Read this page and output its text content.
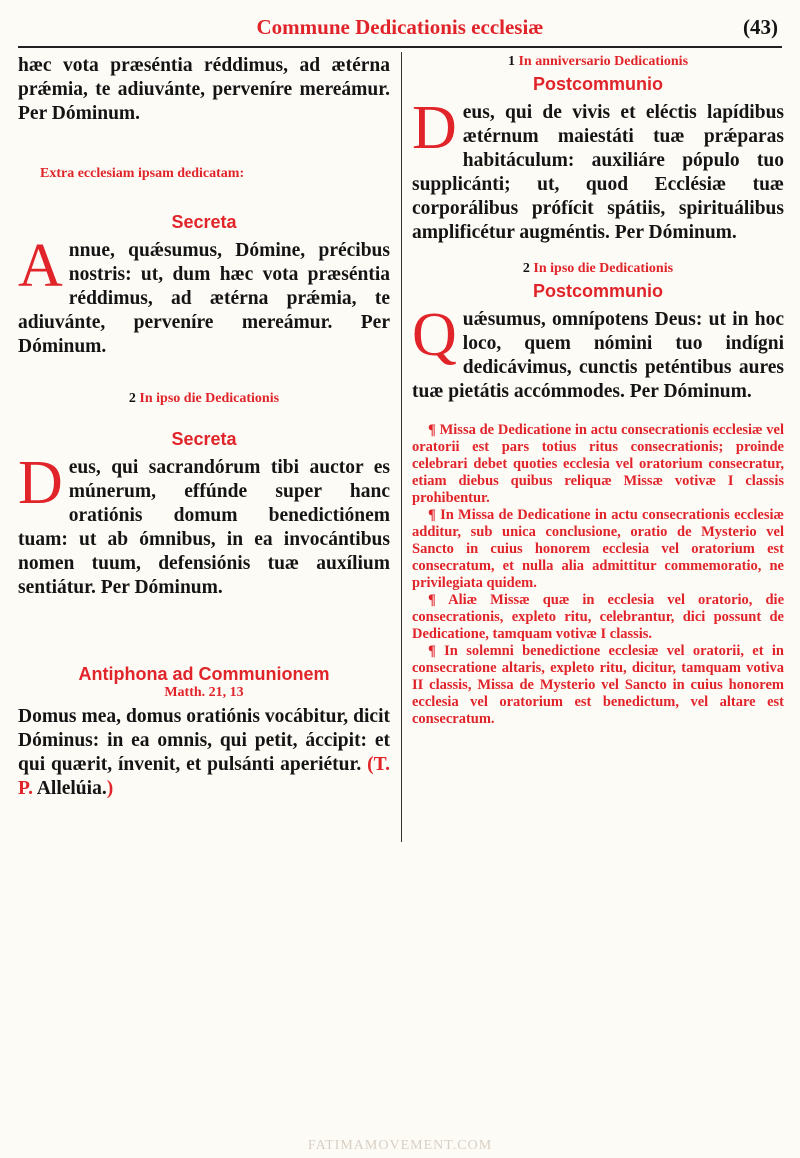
Commune Dedicationis ecclesiæ	(43)

hæc vota præséntia réddimus, ad ætérna prǽmia, te adiuvánte, perveníre mereámur. Per Dóminum.

Extra ecclesiam ipsam dedicatam:

Secreta

A nnue, quǽsumus, Dómine, précibus nostris: ut, dum hæc vota præséntia réddimus, ad ætérna prǽmia, te adiuvánte, perveníre mereámur. Per Dóminum.

2 In ipso die Dedicationis

Secreta

D eus, qui sacrandórum tibi auctor es múnerum, effúnde super hanc oratiónis domum benedictiónem tuam: ut ab ómnibus, in ea invocántibus nomen tuum, defensiónis tuæ auxílium sentiátur. Per Dóminum.

Antiphona ad Communionem

Matth. 21, 13

Domus mea, domus oratiónis vocábitur, dicit Dóminus: in ea omnis, qui petit, áccipit: et qui quærit, ínvenit, et pulsánti aperiétur. (T. P. Allelúia.)

1 In anniversario Dedicationis

Postcommunio

D eus, qui de vivis et eléctis lapídibus ætérnum maiestáti tuæ prǽparas habitáculum: auxiliáre pópulo tuo supplicánti; ut, quod Ecclésiæ tuæ corporálibus prófícit spátiis, spirituálibus amplificétur augméntis. Per Dóminum.

2 In ipso die Dedicationis

Postcommunio

Q uǽsumus, omnípotens Deus: ut in hoc loco, quem nómini tuo indígni dedicávimus, cunctis peténtibus aures tuæ pietátis accómmodes. Per Dóminum.

¶ Missa de Dedicatione in actu consecrationis ecclesiæ vel oratorii est pars totius ritus consecrationis; proinde celebrari debet quoties ecclesia vel oratorium consecratur, etiam diebus quibus reliquæ Missæ votivæ I classis prohibentur.

¶ In Missa de Dedicatione in actu consecrationis ecclesiæ additur, sub unica conclusione, oratio de Mysterio vel Sancto in cuius honorem ecclesia vel oratorium est consecratum, et nulla alia admittitur commemoratio, ne privilegiata quidem.

¶ Aliæ Missæ quæ in ecclesia vel oratorio, die consecrationis, expleto ritu, celebrantur, dici possunt de Dedicatione, tamquam votivæ I classis.

¶ In solemni benedictione ecclesiæ vel oratorii, et in consecratione altaris, expleto ritu, dicitur, tamquam votiva II classis, Missa de Mysterio vel Sancto in cuius honorem ecclesia vel oratorium est benedictum, vel altare est consecratum.

FATIMAMOVEMENT.COM
